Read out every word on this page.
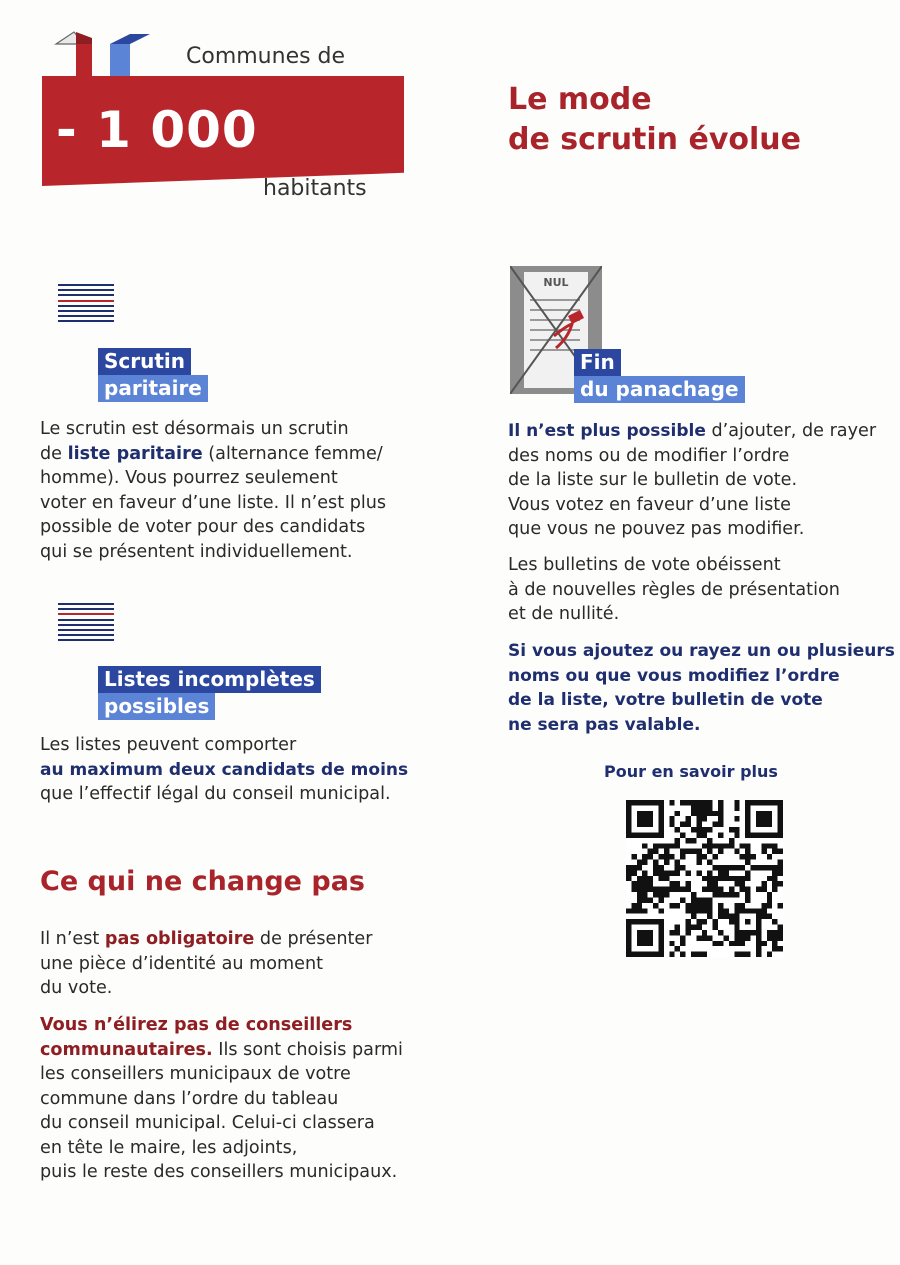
- 1 000
Communes de
habitants
Le mode
de scrutin évolue
Scrutin
paritaire
Le scrutin est désormais un scrutin
de liste paritaire (alternance femme/
homme). Vous pourrez seulement
voter en faveur d’une liste. Il n’est plus
possible de voter pour des candidats
qui se présentent individuellement.
Listes incomplètes
possibles
Les listes peuvent comporter
au maximum deux candidats de moins
que l’effectif légal du conseil municipal.
Ce qui ne change pas
Il n’est pas obligatoire de présenter
une pièce d’identité au moment
du vote.
Vous n’élirez pas de conseillers
communautaires. Ils sont choisis parmi
les conseillers municipaux de votre
commune dans l’ordre du tableau
du conseil municipal. Celui-ci classera
en tête le maire, les adjoints,
puis le reste des conseillers municipaux.
NUL
Fin
du panachage
Il n’est plus possible d’ajouter, de rayer
des noms ou de modifier l’ordre
de la liste sur le bulletin de vote.
Vous votez en faveur d’une liste
que vous ne pouvez pas modifier.
Les bulletins de vote obéissent
à de nouvelles règles de présentation
et de nullité.
Si vous ajoutez ou rayez un ou plusieurs
noms ou que vous modifiez l’ordre
de la liste, votre bulletin de vote
ne sera pas valable.
Pour en savoir plus
